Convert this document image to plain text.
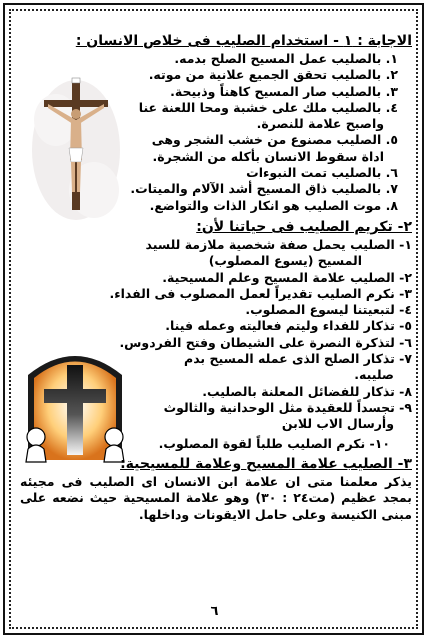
الاجابة : ١ - استخدام الصليب فى خلاص الانسان :
١. بالصليب عمل المسيح الصلح بدمه.
٢. بالصليب تحقق الجميع علانية من موته.
٣. بالصليب صار المسيح كاهناً وذبيحة.
٤. بالصليب ملك على خشبة ومحا اللعنة عنا
واصبح علامة للنصرة.
٥. الصليب مصنوع من خشب الشجر وهى
اداة سقوط الانسان بأكله من الشجرة.
٦. بالصليب تمت النبوءات
٧. بالصليب ذاق المسيح أشد الآلام والميتات.
٨. موت الصليب هو انكار الذات والتواضع.
٢- تكريم الصليب فى حياتنا لأن:
١- الصليب يحمل صفة شخصية ملازمة للسيد
المسيح (يسوع المصلوب)
٢- الصليب علامة المسيح وعلم المسيحية.
٣- نكرم الصليب تقديراً لعمل المصلوب فى الفداء.
٤- لتبعيتنا ليسوع المصلوب.
٥- تذكار للفداء وليتم فعاليته وعمله فينا.
٦- لتذكرة النصرة على الشيطان وفتح الفردوس.
٧- تذكار الصلح الذى عمله المسيح بدم
صليبه.
٨- تذكار للفضائل المعلنة بالصليب.
٩- تجسداً للعقيدة مثل الوحدانية والثالوث
وأرسال الاب للابن
١٠- نكرم الصليب طلباً لقوة المصلوب.
٣- الصليب علامة المسيح وعلامة للمسيحية:
يذكر معلمنا متى ان علامة ابن الانسان اى الصليب فى مجيئه بمجد عظيم (مت٢٤ : ٣٠) وهو علامة المسيحية حيث نضعه على مبنى الكنيسة وعلى حامل الايقونات وداخلها.
٦
